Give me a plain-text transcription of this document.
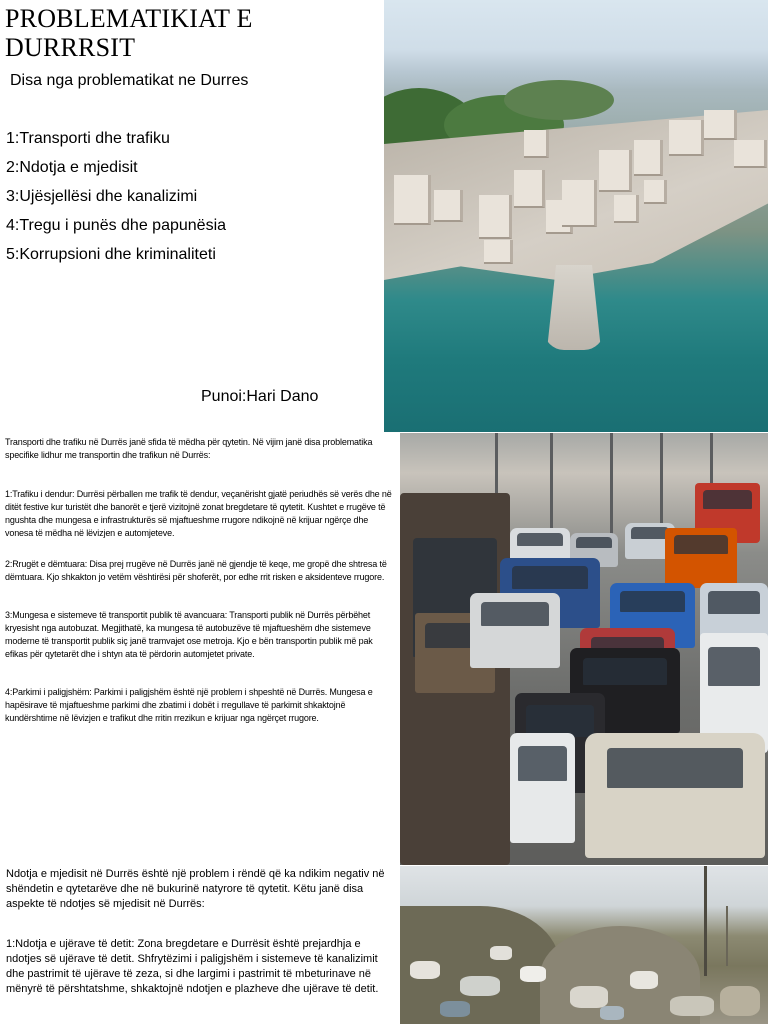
PROBLEMATIKIAT E DURRRSIT
Disa nga problematikat ne Durres
1:Transporti dhe trafiku
2:Ndotja e mjedisit
3:Ujësjellësi dhe kanalizimi
4:Tregu i punës dhe papunësia
5:Korrupsioni dhe kriminaliteti
Punoi:Hari Dano

Transporti dhe trafiku në Durrës janë sfida të mëdha për qytetin. Në vijim janë disa problematika specifike lidhur me transportin dhe trafikun në Durrës:

1:Trafiku i dendur: Durrësi përballen me trafik të dendur, veçanërisht gjatë periudhës së verës dhe në ditët festive kur turistët dhe banorët e tjerë vizitojnë zonat bregdetare të qytetit. Kushtet e rrugëve të ngushta dhe mungesa e infrastrukturës së mjaftueshme rrugore ndikojnë në krijuar ngërçe dhe vonesa të mëdha në lëvizjen e automjeteve.

2:Rrugët e dëmtuara: Disa prej rrugëve në Durrës janë në gjendje të keqe, me gropë dhe shtresa të dëmtuara. Kjo shkakton jo vetëm vështirësi për shoferët, por edhe rrit risken e aksidenteve rrugore.

3:Mungesa e sistemeve të transportit publik të avancuara: Transporti publik në Durrës përbëhet kryesisht nga autobuzat. Megjithatë, ka mungesa të autobuzëve të mjaftueshëm dhe sistemeve moderne të transportit publik siç janë tramvajet ose metroja. Kjo e bën transportin publik më pak efikas për qytetarët dhe i shtyn ata të përdorin automjetet private.

4:Parkimi i paligjshëm: Parkimi i paligjshëm është një problem i shpeshtë në Durrës. Mungesa e hapësirave të mjaftueshme parkimi dhe zbatimi i dobët i rregullave të parkimit shkaktojnë kundërshtime në lëvizjen e trafikut dhe rritin rrezikun e krijuar nga ngërçet rrugore.

Ndotja e mjedisit në Durrës është një problem i rëndë që ka ndikim negativ në shëndetin e qytetarëve dhe në bukurinë natyrore të qytetit. Këtu janë disa aspekte të ndotjes së mjedisit në Durrës:

1:Ndotja e ujërave të detit: Zona bregdetare e Durrësit është prejardhja e ndotjes së ujërave të detit. Shfrytëzimi i paligjshëm i sistemeve të kanalizimit dhe pastrimit të ujërave të zeza, si dhe largimi i pastrimit të mbeturinave në mënyrë të përshtatshme, shkaktojnë ndotjen e plazheve dhe ujërave të detit.
